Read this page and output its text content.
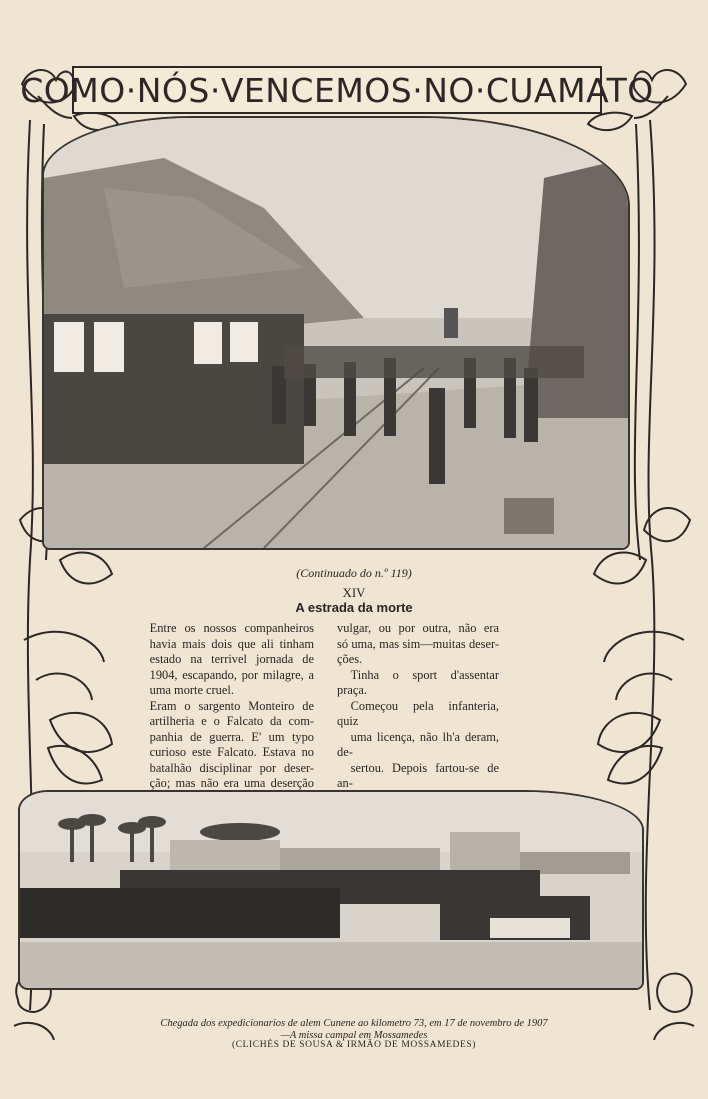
COMO·NÓS·VENCEMOS·NO·CUAMATO
(Continuado do n.º 119)
XIV
A estrada da morte

Entre os nossos companheiros
havia mais dois que ali tinham
estado na terrivel jornada de
1904, escapando, por milagre, a
uma morte cruel.

Eram o sargento Monteiro de
artilheria e o Falcato da com-
panhia de guerra. E' um typo
curioso este Falcato. Estava no
batalhão disciplinar por deser-
ção; mas não era uma deserção

vulgar, ou por outra, não era
só uma, mas sim—muitas deser-
ções.

Tinha o sport d'assentar praça.
Começou pela infanteria, quiz
uma licença, não lh'a deram, de-
sertou. Depois fartou-se de an-

Chegada dos expedicionarios de alem Cunene ao kilometro 73, em 17 de novembro de 1907
—A missa campal em Mossamedes
(CLICHÉS DE SOUSA & IRMÃO DE MOSSAMEDES)
